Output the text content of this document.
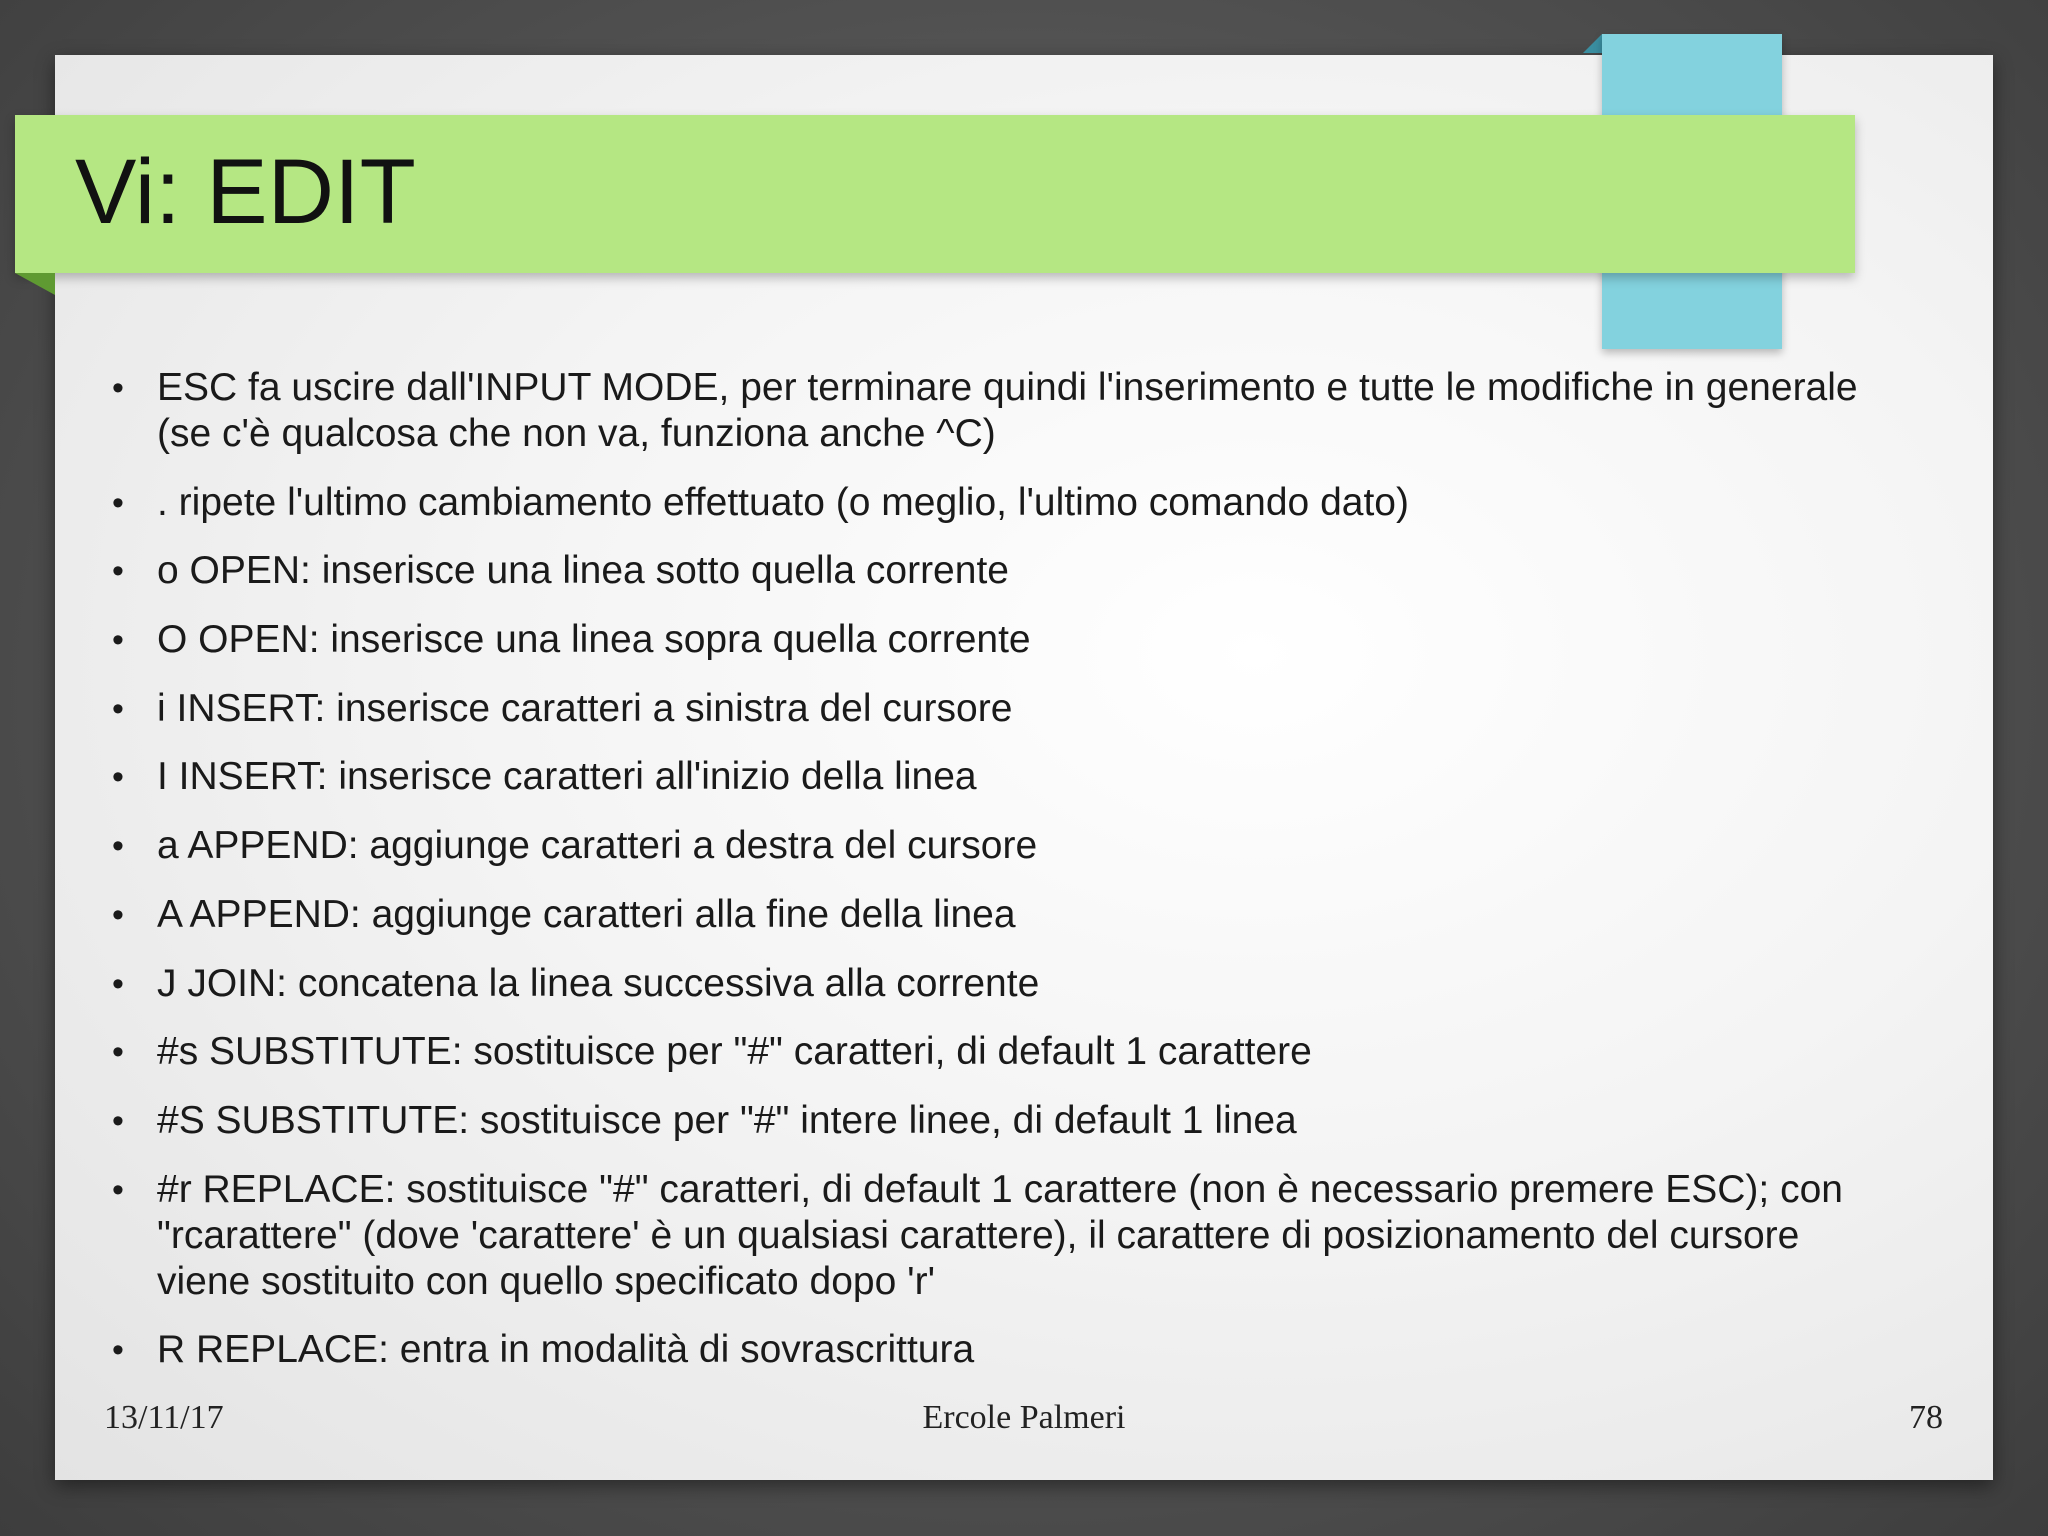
Vi: EDIT
• ESC fa uscire dall'INPUT MODE, per terminare quindi l'inserimento e tutte le modifiche in generale (se c'è qualcosa che non va, funziona anche ^C)
• . ripete l'ultimo cambiamento effettuato (o meglio, l'ultimo comando dato)
• o OPEN: inserisce una linea sotto quella corrente
• O OPEN: inserisce una linea sopra quella corrente
• i INSERT: inserisce caratteri a sinistra del cursore
• I INSERT: inserisce caratteri all'inizio della linea
• a APPEND: aggiunge caratteri a destra del cursore
• A APPEND: aggiunge caratteri alla fine della linea
• J JOIN: concatena la linea successiva alla corrente
• #s SUBSTITUTE: sostituisce per "#" caratteri, di default 1 carattere
• #S SUBSTITUTE: sostituisce per "#" intere linee, di default 1 linea
• #r REPLACE: sostituisce "#" caratteri, di default 1 carattere (non è necessario premere ESC); con "rcarattere" (dove 'carattere' è un qualsiasi carattere), il carattere di posizionamento del cursore viene sostituito con quello specificato dopo 'r'
• R REPLACE: entra in modalità di sovrascrittura
13/11/17	Ercole Palmeri	78
